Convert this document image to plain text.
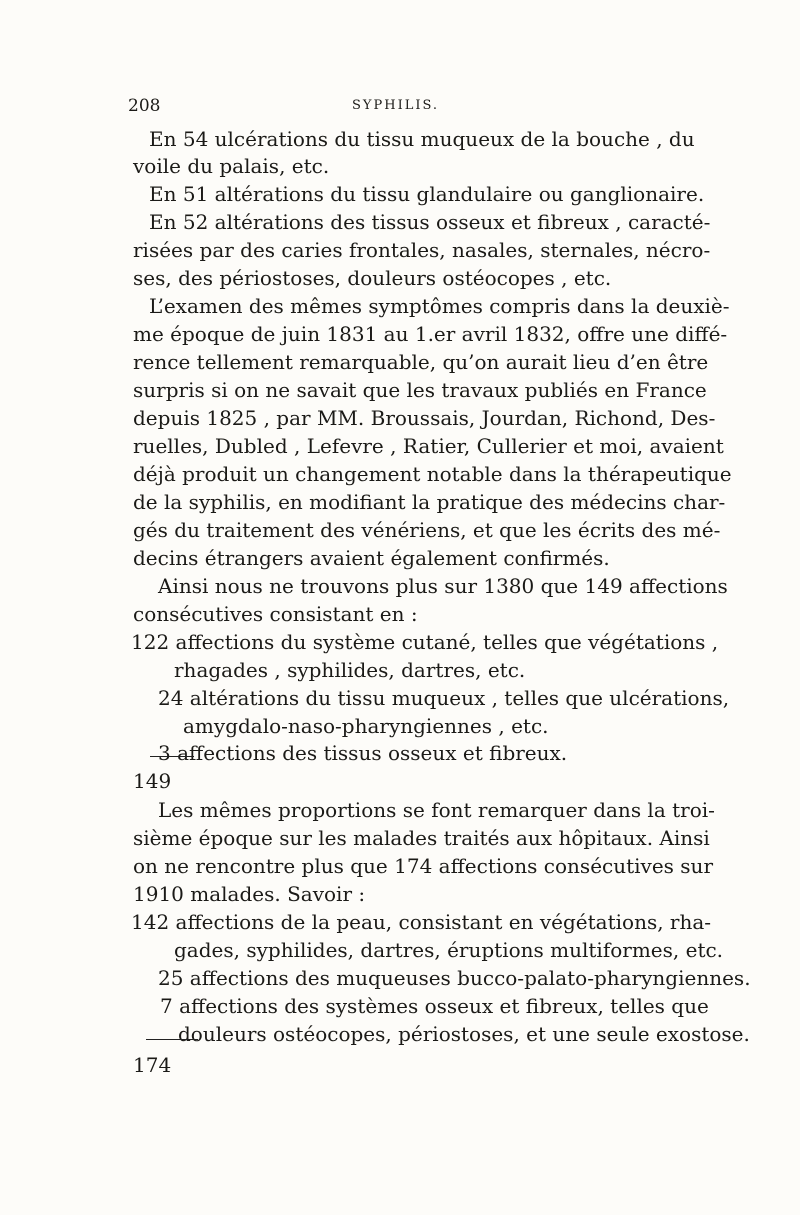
208	SYPHILIS.
En 54 ulcérations du tissu muqueux de la bouche , du
voile du palais, etc.
En 51 altérations du tissu glandulaire ou ganglionaire.
En 52 altérations des tissus osseux et fibreux , caracté-
risées par des caries frontales, nasales, sternales, nécro-
ses, des périostoses, douleurs ostéocopes , etc.
L’examen des mêmes symptômes compris dans la deuxiè-
me époque de juin 1831 au 1.er avril 1832, offre une diffé-
rence tellement remarquable, qu’on aurait lieu d’en être
surpris si on ne savait que les travaux publiés en France
depuis 1825 , par MM. Broussais, Jourdan, Richond, Des-
ruelles, Dubled , Lefevre , Ratier, Cullerier et moi, avaient
déjà produit un changement notable dans la thérapeutique
de la syphilis, en modifiant la pratique des médecins char-
gés du traitement des vénériens, et que les écrits des mé-
decins étrangers avaient également confirmés.
Ainsi nous ne trouvons plus sur 1380 que 149 affections
consécutives consistant en :
122 affections du système cutané, telles que végétations ,
rhagades , syphilides, dartres, etc.
24 altérations du tissu muqueux , telles que ulcérations,
amygdalo-naso-pharyngiennes , etc.
3 affections des tissus osseux et fibreux.
149
Les mêmes proportions se font remarquer dans la troi-
sième époque sur les malades traités aux hôpitaux. Ainsi
on ne rencontre plus que 174 affections consécutives sur
1910 malades. Savoir :
142 affections de la peau, consistant en végétations, rha-
gades, syphilides, dartres, éruptions multiformes, etc.
25 affections des muqueuses bucco-palato-pharyngiennes.
7 affections des systèmes osseux et fibreux, telles que
douleurs ostéocopes, périostoses, et une seule exostose.
174
